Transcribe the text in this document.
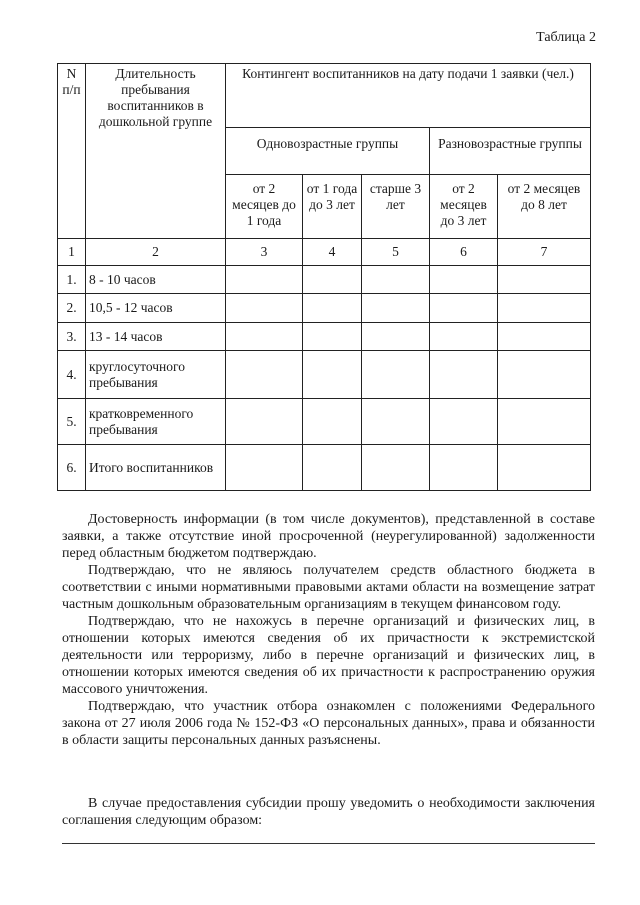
Таблица 2
N п/п	Длительность пребывания воспитанников в дошкольной группе	Контингент воспитанников на дату подачи 1 заявки (чел.)				
		Одновозрастные группы			Разновозрастные группы	
		от 2 месяцев до 1 года	от 1 года до 3 лет	старше 3 лет	от 2 месяцев до 3 лет	от 2 месяцев до 8 лет
1	2	3	4	5	6	7
1.	8 - 10 часов					
2.	10,5 - 12 часов					
3.	13 - 14 часов					
4.	круглосуточного пребывания					
5.	кратковременного пребывания					
6.	Итого воспитанников					

Достоверность информации (в том числе документов), представленной в составе заявки, а также отсутствие иной просроченной (неурегулированной) задолженности перед областным бюджетом подтверждаю.

Подтверждаю, что не являюсь получателем средств областного бюджета в соответствии с иными нормативными правовыми актами области на возмещение затрат частным дошкольным образовательным организациям в текущем финансовом году.

Подтверждаю, что не нахожусь в перечне организаций и физических лиц, в отношении которых имеются сведения об их причастности к экстремистской деятельности или терроризму, либо в перечне организаций и физических лиц, в отношении которых имеются сведения об их причастности к распространению оружия массового уничтожения.

Подтверждаю, что участник отбора ознакомлен с положениями Федерального закона от 27 июля 2006 года № 152-ФЗ «О персональных данных», права и обязанности в области защиты персональных данных разъяснены.

В случае предоставления субсидии прошу уведомить о необходимости заключения соглашения следующим образом:
